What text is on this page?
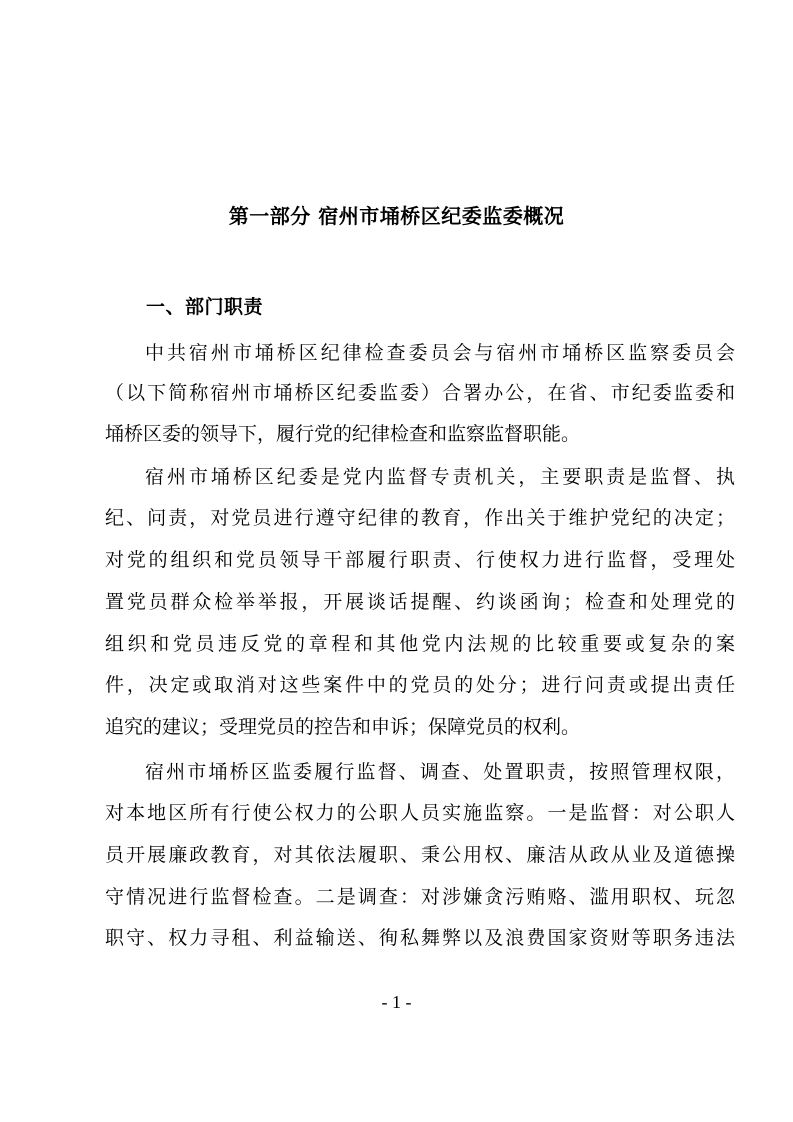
第一部分 宿州市埇桥区纪委监委概况
一、部门职责
中共宿州市埇桥区纪律检查委员会与宿州市埇桥区监察委员会
（以下简称宿州市埇桥区纪委监委）合署办公，在省、市纪委监委和
埇桥区委的领导下，履行党的纪律检查和监察监督职能。
宿州市埇桥区纪委是党内监督专责机关，主要职责是监督、执
纪、问责，对党员进行遵守纪律的教育，作出关于维护党纪的决定；
对党的组织和党员领导干部履行职责、行使权力进行监督，受理处
置党员群众检举举报，开展谈话提醒、约谈函询；检查和处理党的
组织和党员违反党的章程和其他党内法规的比较重要或复杂的案
件，决定或取消对这些案件中的党员的处分；进行问责或提出责任
追究的建议；受理党员的控告和申诉；保障党员的权利。
宿州市埇桥区监委履行监督、调查、处置职责，按照管理权限，
对本地区所有行使公权力的公职人员实施监察。一是监督：对公职人
员开展廉政教育，对其依法履职、秉公用权、廉洁从政从业及道德操
守情况进行监督检查。二是调查：对涉嫌贪污贿赂、滥用职权、玩忽
职守、权力寻租、利益输送、徇私舞弊以及浪费国家资财等职务违法
- 1 -
